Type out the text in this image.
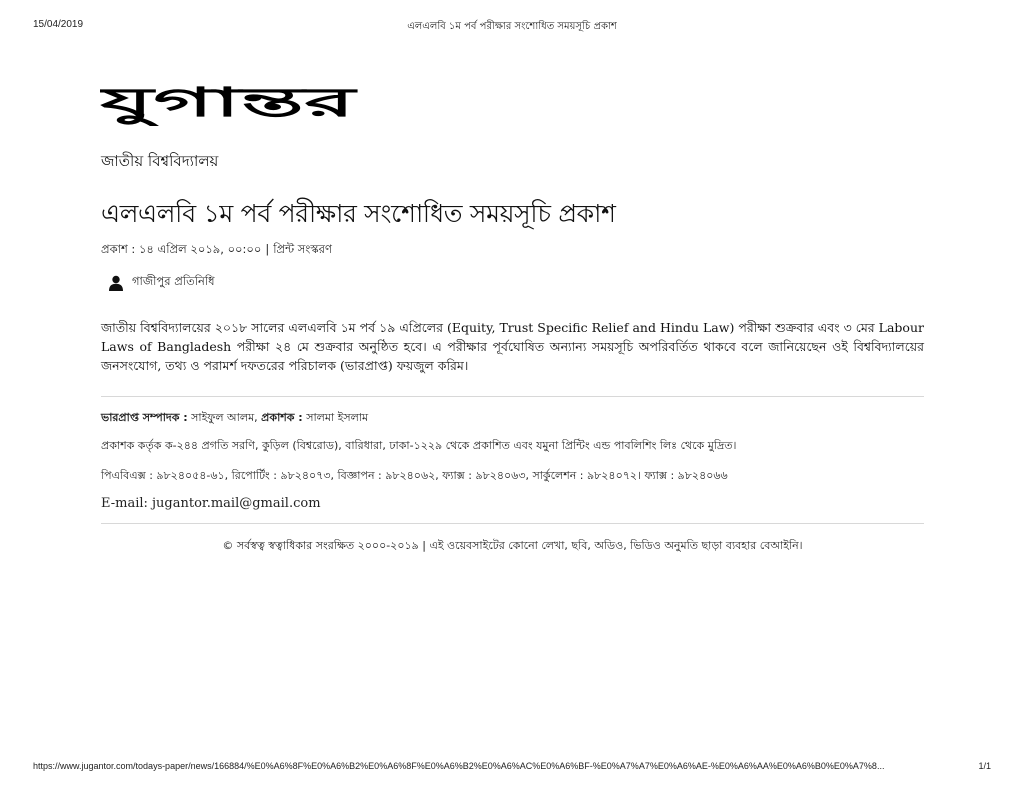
15/04/2019	এলএলবি ১ম পর্ব পরীক্ষার সংশোধিত সময়সূচি প্রকাশ
যুগান্তর
জাতীয় বিশ্ববিদ্যালয়
এলএলবি ১ম পর্ব পরীক্ষার সংশোধিত সময়সূচি প্রকাশ
প্রকাশ : ১৪ এপ্রিল ২০১৯, ০০:০০ | প্রিন্ট সংস্করণ
গাজীপুর প্রতিনিধি

জাতীয় বিশ্ববিদ্যালয়ের ২০১৮ সালের এলএলবি ১ম পর্ব ১৯ এপ্রিলের (Equity, Trust Specific Relief and Hindu Law) পরীক্ষা শুক্রবার এবং ৩ মের Labour Laws of Bangladesh পরীক্ষা ২৪ মে শুক্রবার অনুষ্ঠিত হবে। এ পরীক্ষার পূর্বঘোষিত অন্যান্য সময়সূচি অপরিবর্তিত থাকবে বলে জানিয়েছেন ওই বিশ্ববিদ্যালয়ের জনসংযোগ, তথ্য ও পরামর্শ দফতরের পরিচালক (ভারপ্রাপ্ত) ফয়জুল করিম।

ভারপ্রাপ্ত সম্পাদক : সাইফুল আলম, প্রকাশক : সালমা ইসলাম
প্রকাশক কর্তৃক ক-২৪৪ প্রগতি সরণি, কুড়িল (বিশ্বরোড), বারিধারা, ঢাকা-১২২৯ থেকে প্রকাশিত এবং যমুনা প্রিন্টিং এন্ড পাবলিশিং লিঃ থেকে মুদ্রিত।
পিএবিএক্স : ৯৮২৪০৫৪-৬১, রিপোর্টিং : ৯৮২৪০৭৩, বিজ্ঞাপন : ৯৮২৪০৬২, ফ্যাক্স : ৯৮২৪০৬৩, সার্কুলেশন : ৯৮২৪০৭২। ফ্যাক্স : ৯৮২৪০৬৬
E-mail: jugantor.mail@gmail.com
© সর্বস্বত্ব স্বত্বাধিকার সংরক্ষিত ২০০০-২০১৯ | এই ওয়েবসাইটের কোনো লেখা, ছবি, অডিও, ভিডিও অনুমতি ছাড়া ব্যবহার বেআইনি।
https://www.jugantor.com/todays-paper/news/166884/%E0%A6%8F%E0%A6%B2%E0%A6%8F%E0%A6%B2%E0%A6%AC%E0%A6%BF-%E0%A7%A7%E0%A6%AE-%E0%A6%AA%E0%A6%B0%E0%A7%8...	1/1
